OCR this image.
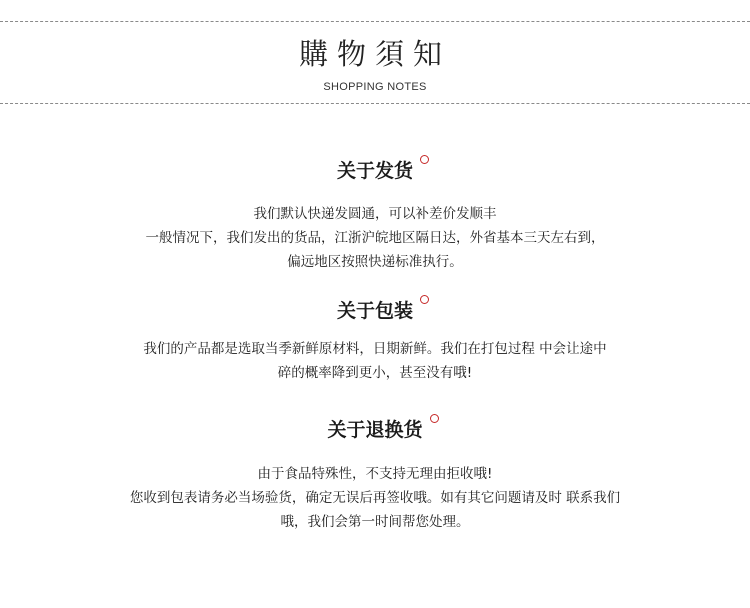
購物須知
SHOPPING NOTES
关于发货
我们默认快递发圆通，可以补差价发顺丰
一般情况下，我们发出的货品，江浙沪皖地区隔日达，外省基本三天左右到，
偏远地区按照快递标准执行。
关于包装
我们的产品都是选取当季新鲜原材料，日期新鲜。我们在打包过程 中会让途中
碎的概率降到更小，甚至没有哦!
关于退换货
由于食品特殊性，不支持无理由拒收哦!
您收到包表请务必当场验货，确定无误后再签收哦。如有其它问题请及时 联系我们
哦，我们会第一时间帮您处理。
